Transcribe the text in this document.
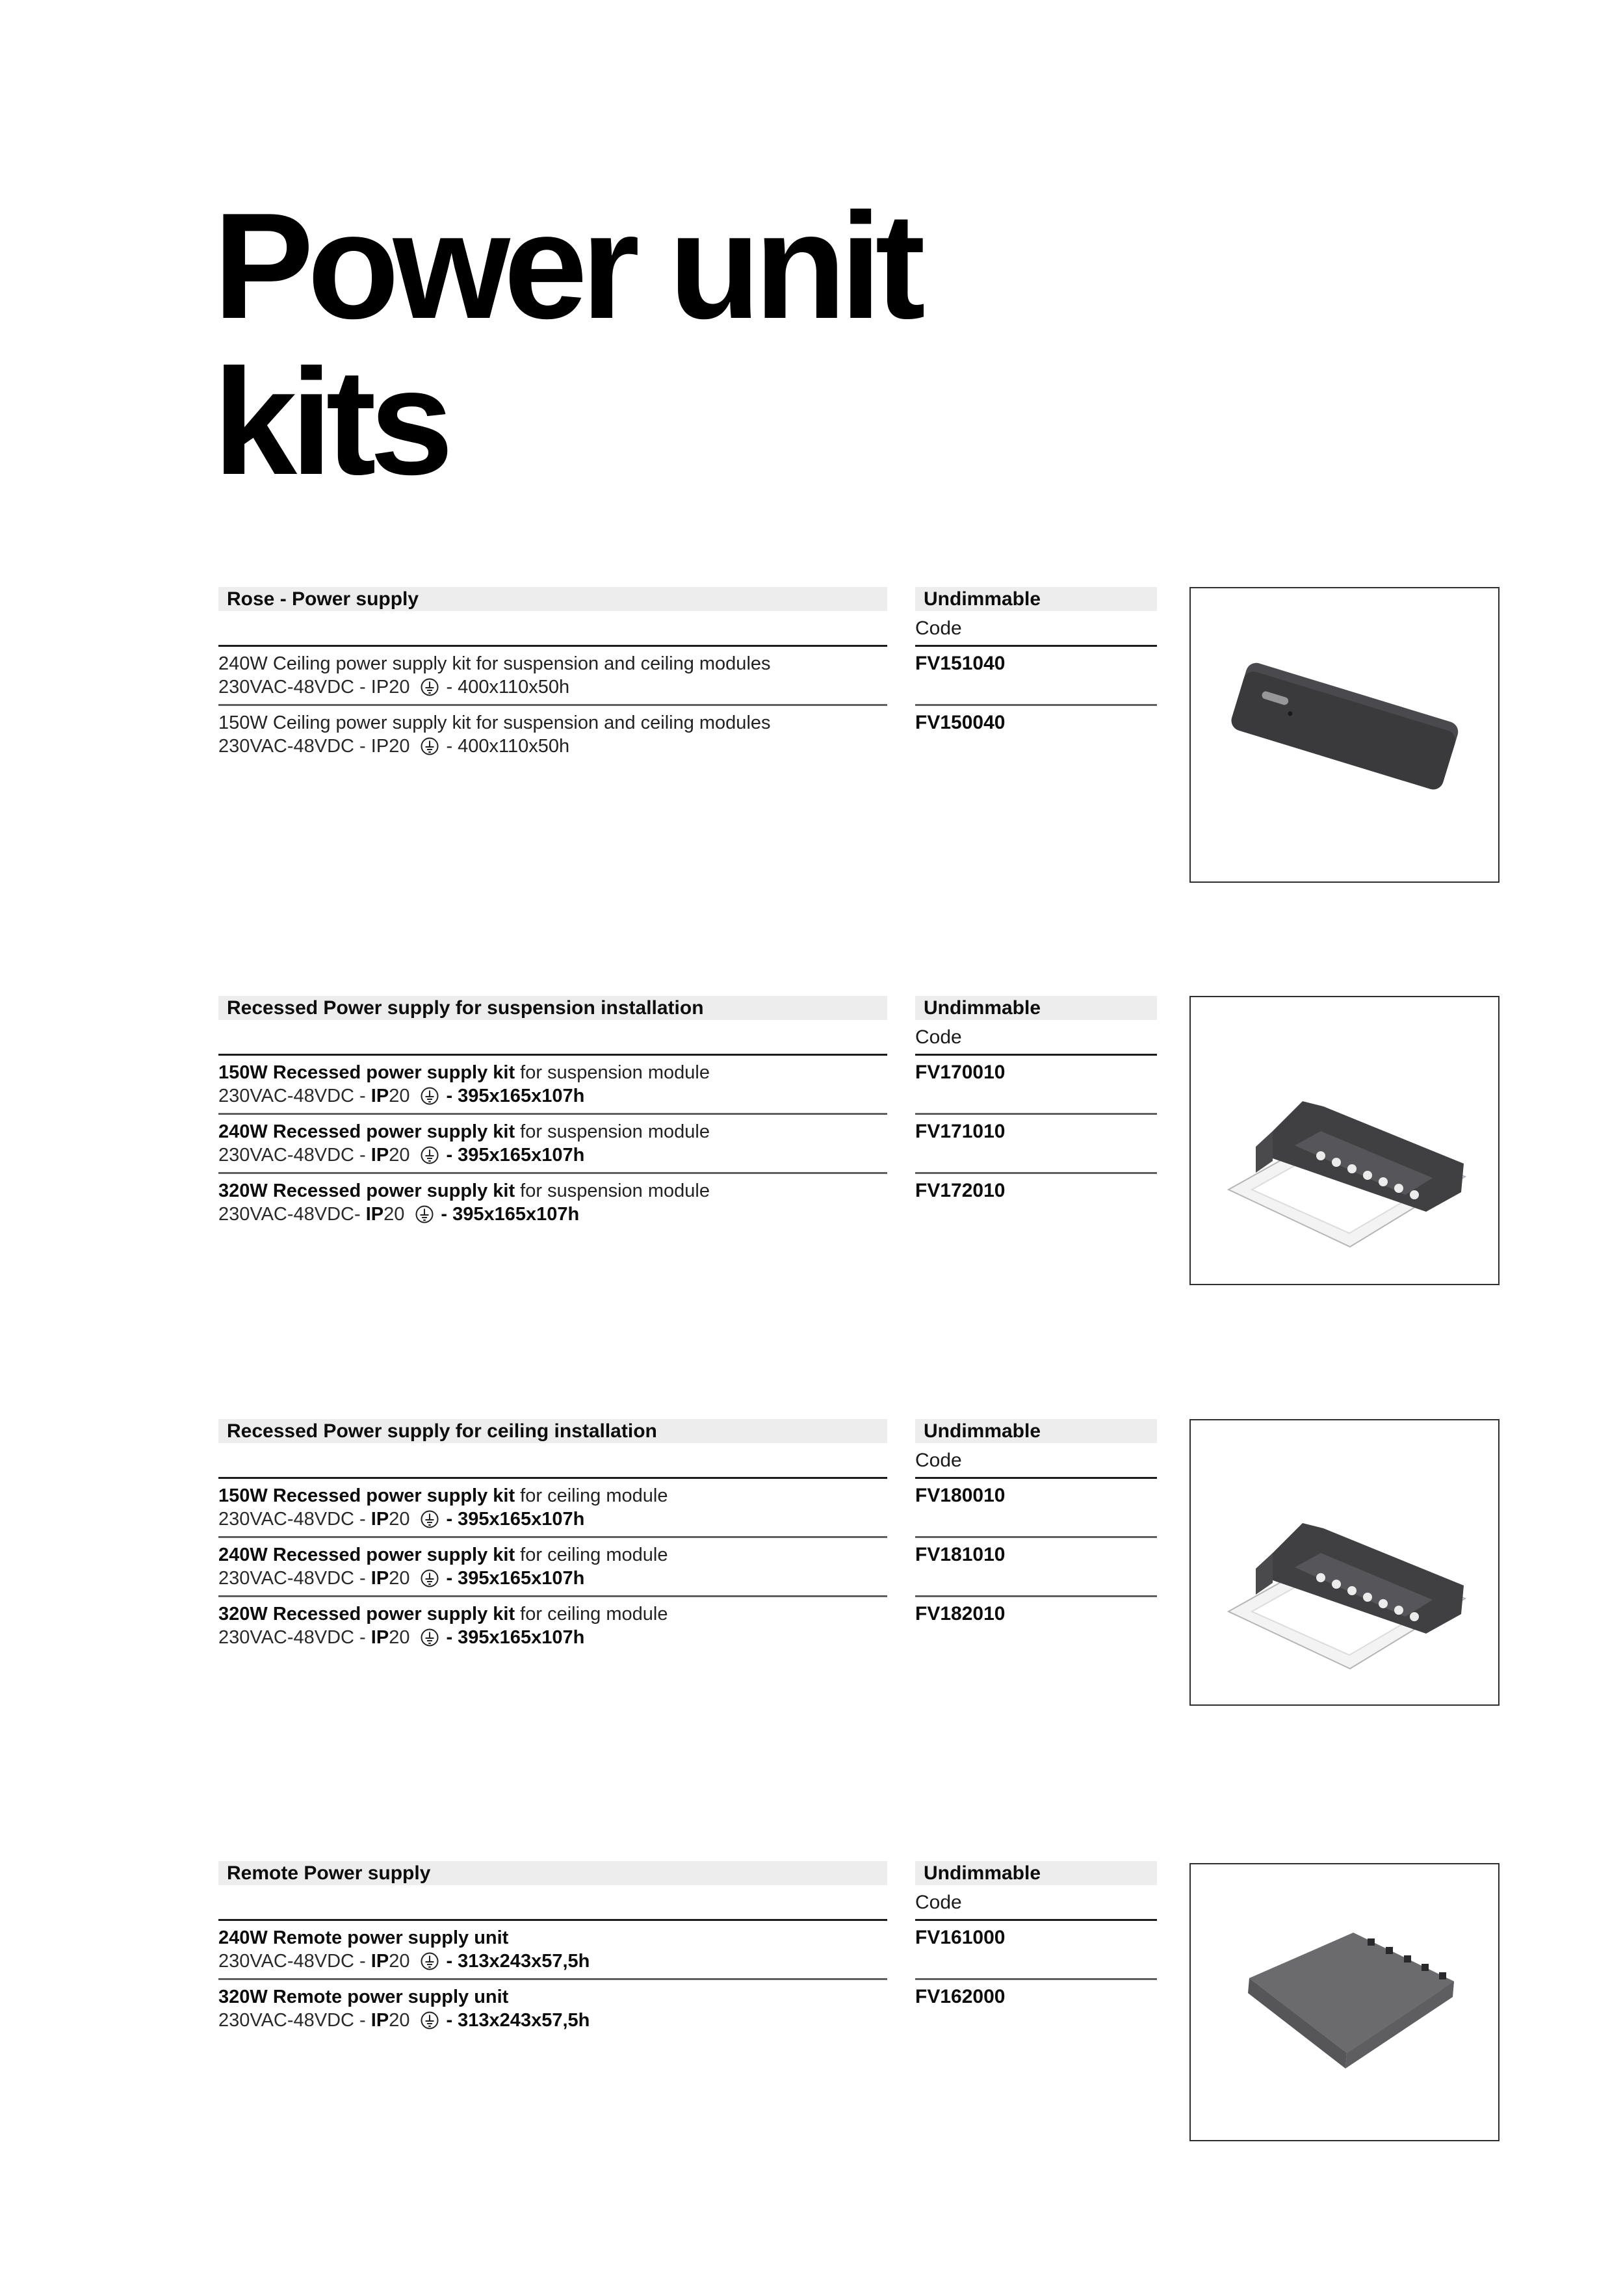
Power unit
kits
Rose - Power supply	Undimmable
Code
240W Ceiling power supply kit for suspension and ceiling modules
230VAC-48VDC - IP20 - 400x110x50h
FV151040
150W Ceiling power supply kit for suspension and ceiling modules
230VAC-48VDC - IP20 - 400x110x50h
FV150040
Recessed Power supply for suspension installation	Undimmable
Code
150W Recessed power supply kit for suspension module
230VAC-48VDC - IP20 - 395x165x107h
FV170010
240W Recessed power supply kit for suspension module
230VAC-48VDC - IP20 - 395x165x107h
FV171010
320W Recessed power supply kit for suspension module
230VAC-48VDC- IP20 - 395x165x107h
FV172010
Recessed Power supply for ceiling installation	Undimmable
Code
150W Recessed power supply kit for ceiling module
230VAC-48VDC - IP20 - 395x165x107h
FV180010
240W Recessed power supply kit for ceiling module
230VAC-48VDC - IP20 - 395x165x107h
FV181010
320W Recessed power supply kit for ceiling module
230VAC-48VDC - IP20 - 395x165x107h
FV182010
Remote Power supply	Undimmable
Code
240W Remote power supply unit
230VAC-48VDC - IP20 - 313x243x57,5h
FV161000
320W Remote power supply unit
230VAC-48VDC - IP20 - 313x243x57,5h
FV162000
